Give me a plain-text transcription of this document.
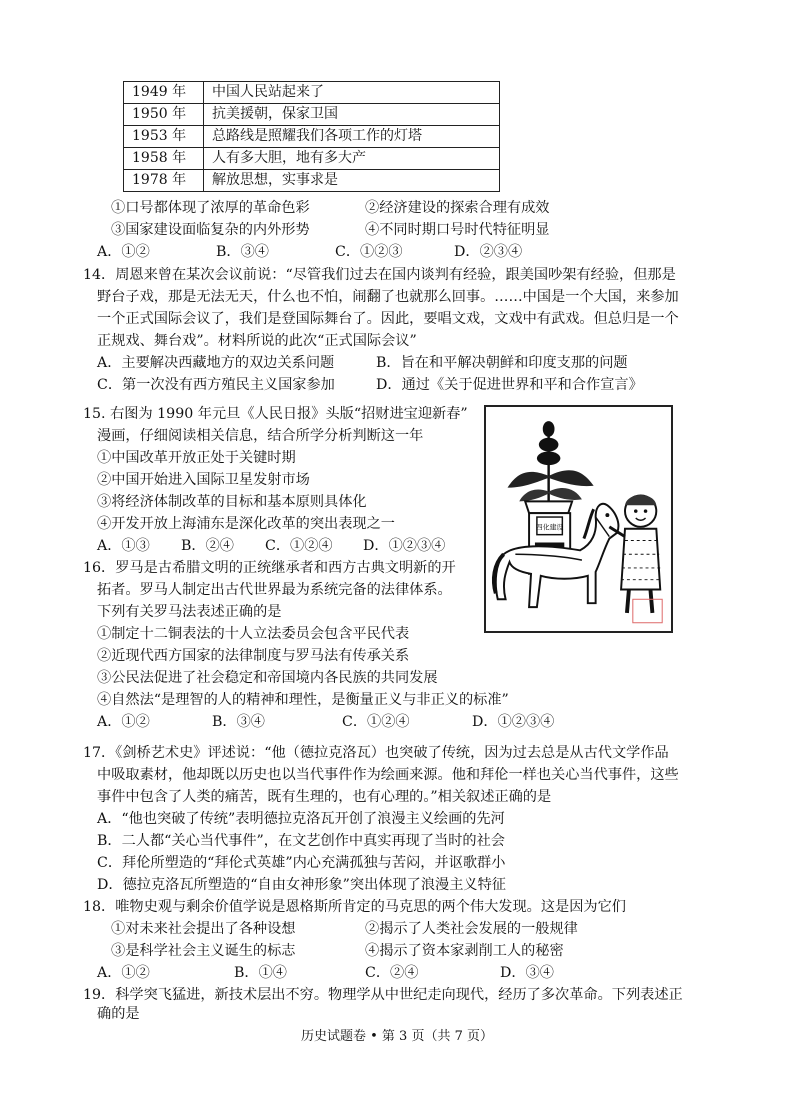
1949 年	中国人民站起来了
1950 年	抗美援朝，保家卫国
1953 年	总路线是照耀我们各项工作的灯塔
1958 年	人有多大胆，地有多大产
1978 年	解放思想，实事求是
①口号都体现了浓厚的革命色彩	②经济建设的探索合理有成效
③国家建设面临复杂的内外形势	④不同时期口号时代特征明显
A．①②	B．③④	C．①②③	D．②③④
14．周恩来曾在某次会议前说：“尽管我们过去在国内谈判有经验，跟美国吵架有经验，但那是
野台子戏，那是无法无天，什么也不怕，闹翻了也就那么回事。……中国是一个大国，来参加
一个正式国际会议了，我们是登国际舞台了。因此，要唱文戏，文戏中有武戏。但总归是一个
正规戏、舞台戏”。材料所说的此次“正式国际会议”
A．主要解决西藏地方的双边关系问题	B．旨在和平解决朝鲜和印度支那的问题
C．第一次没有西方殖民主义国家参加	D．通过《关于促进世界和平和合作宣言》
15. 右图为 1990 年元旦《人民日报》头版“招财进宝迎新春”
漫画，仔细阅读相关信息，结合所学分析判断这一年
①中国改革开放正处于关键时期
②中国开始进入国际卫星发射市场
③将经济体制改革的目标和基本原则具体化
④开发开放上海浦东是深化改革的突出表现之一
A．①③ B．②④ C．①②④ D．①②③④
16．罗马是古希腊文明的正统继承者和西方古典文明新的开
拓者。罗马人制定出古代世界最为系统完备的法律体系。
下列有关罗马法表述正确的是
①制定十二铜表法的十人立法委员会包含平民代表
②近现代西方国家的法律制度与罗马法有传承关系
③公民法促进了社会稳定和帝国境内各民族的共同发展
④自然法“是理智的人的精神和理性，是衡量正义与非正义的标准”
A．①②	B．③④	C．①②④	D．①②③④
四化建设
17．《剑桥艺术史》评述说：“他（德拉克洛瓦）也突破了传统，因为过去总是从古代文学作品
中吸取素材，他却既以历史也以当代事件作为绘画来源。他和拜伦一样也关心当代事件，这些
事件中包含了人类的痛苦，既有生理的，也有心理的。”相关叙述正确的是
A．“他也突破了传统”表明德拉克洛瓦开创了浪漫主义绘画的先河
B．二人都“关心当代事件”，在文艺创作中真实再现了当时的社会
C．拜伦所塑造的“拜伦式英雄”内心充满孤独与苦闷，并讴歌群小
D．德拉克洛瓦所塑造的“自由女神形象”突出体现了浪漫主义特征
18．唯物史观与剩余价值学说是恩格斯所肯定的马克思的两个伟大发现。这是因为它们
①对未来社会提出了各种设想	②揭示了人类社会发展的一般规律
③是科学社会主义诞生的标志	④揭示了资本家剥削工人的秘密
A．①②	B．①④	C．②④	D．③④
19．科学突飞猛进，新技术层出不穷。物理学从中世纪走向现代，经历了多次革命。下列表述正
确的是
历史试题卷 • 第 3 页（共 7 页）
